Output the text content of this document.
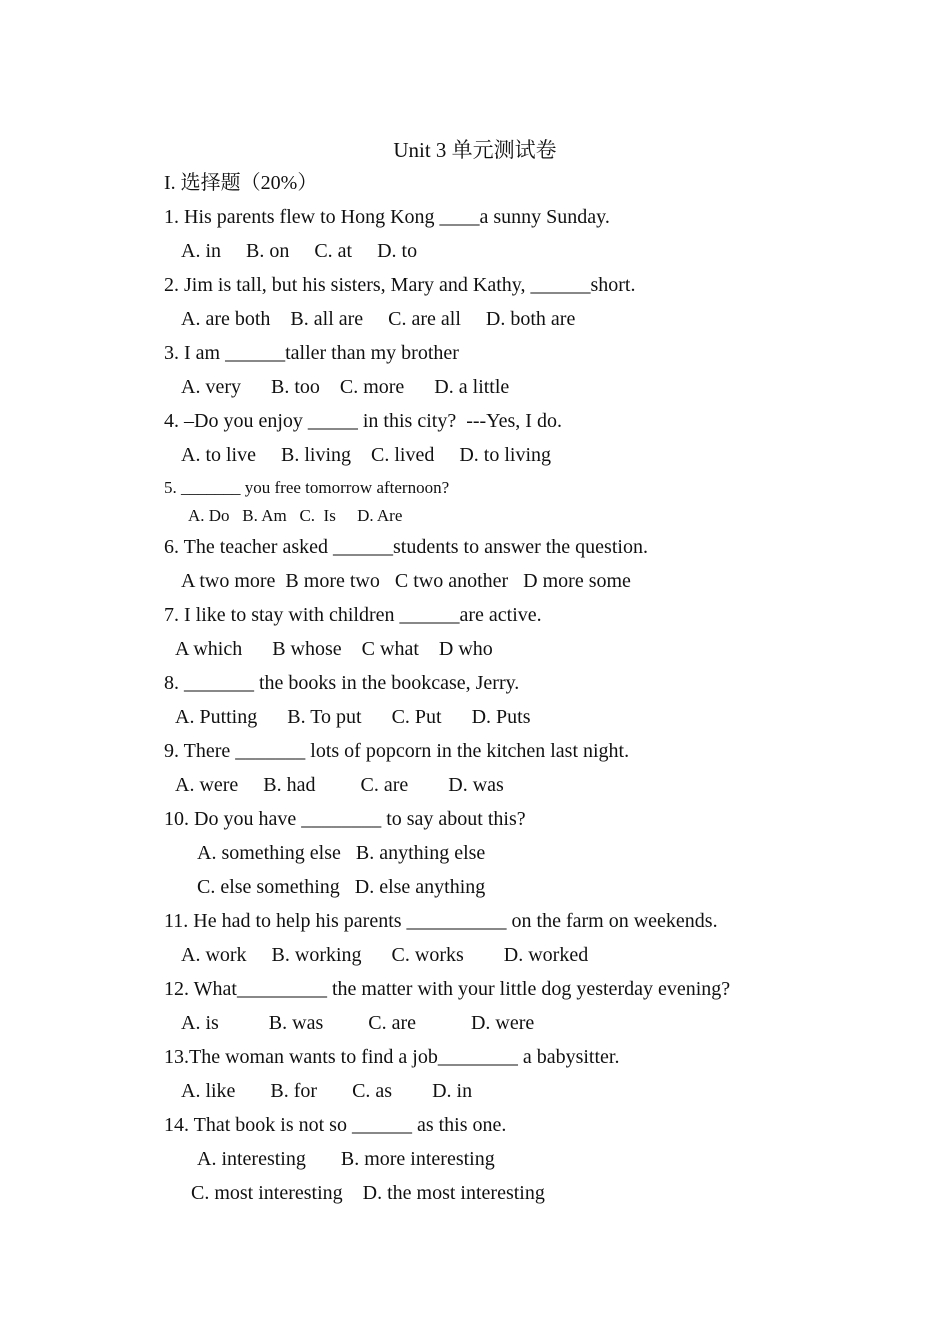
Unit 3 单元测试卷
I. 选择题（20%）
1. His parents flew to Hong Kong ____a sunny Sunday.
A. in     B. on     C. at     D. to
2. Jim is tall, but his sisters, Mary and Kathy, ______short.
A. are both    B. all are     C. are all     D. both are
3. I am ______taller than my brother
A. very      B. too    C. more      D. a little
4. –Do you enjoy _____ in this city?  ---Yes, I do.
A. to live     B. living    C. lived     D. to living
5. _______ you free tomorrow afternoon?
A. Do   B. Am   C.  Is     D. Are
6. The teacher asked ______students to answer the question.
A two more  B more two   C two another   D more some
7. I like to stay with children ______are active.
A which      B whose    C what    D who
8. _______ the books in the bookcase, Jerry.
A. Putting      B. To put      C. Put      D. Puts
9. There _______ lots of popcorn in the kitchen last night.
A. were     B. had         C. are        D. was
10. Do you have ________ to say about this?
A. something else   B. anything else
C. else something   D. else anything
11. He had to help his parents __________ on the farm on weekends.
A. work     B. working      C. works        D. worked
12. What_________ the matter with your little dog yesterday evening?
A. is          B. was         C. are           D. were
13.The woman wants to find a job________ a babysitter.
A. like       B. for       C. as        D. in
14. That book is not so ______ as this one.
A. interesting       B. more interesting
C. most interesting    D. the most interesting
